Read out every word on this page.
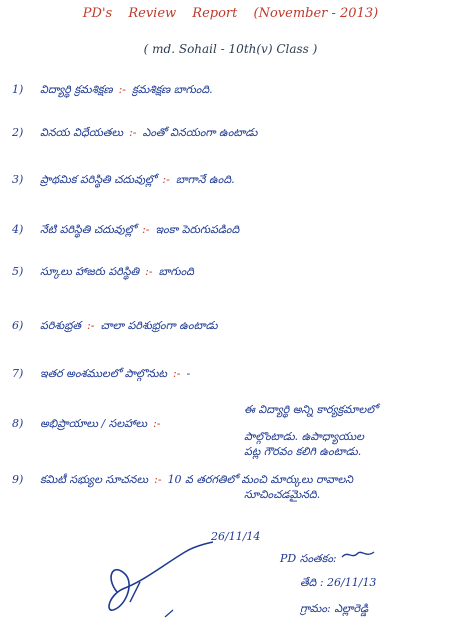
PD's Review Report (November - 2013)
( md. Sohail - 10th(v) Class )
1) విద్యార్థి క్రమశిక్షణ :- క్రమశిక్షణ బాగుంది.
2) వినయ విధేయతలు :- ఎంతో వినయంగా ఉంటాడు
3) ప్రాథమిక పరిస్థితి చదువుల్లో :- బాగానే ఉంది.
4) నేటి పరిస్థితి చదువుల్లో :- ఇంకా పెరుగుపడింది
5) స్కూలు హాజరు పరిస్థితి :- బాగుంది
6) పరిశుభ్రత :- చాలా పరిశుభ్రంగా ఉంటాడు
7) ఇతర అంశములలో పాల్గొనుట :- -
8) అభిప్రాయాలు / సలహాలు :-
ఈ విద్యార్థి అన్ని కార్యక్రమాలలో
పాల్గొంటాడు. ఉపాధ్యాయుల
పట్ల గౌరవం కలిగి ఉంటాడు.
9) కమిటీ సభ్యుల సూచనలు :- 10 వ తరగతిలో మంచి మార్కులు రావాలని
సూచించడమైనది.
26/11/14
PD సంతకం:
తేది : 26/11/13
గ్రామం: ఎల్లారెడ్డి
